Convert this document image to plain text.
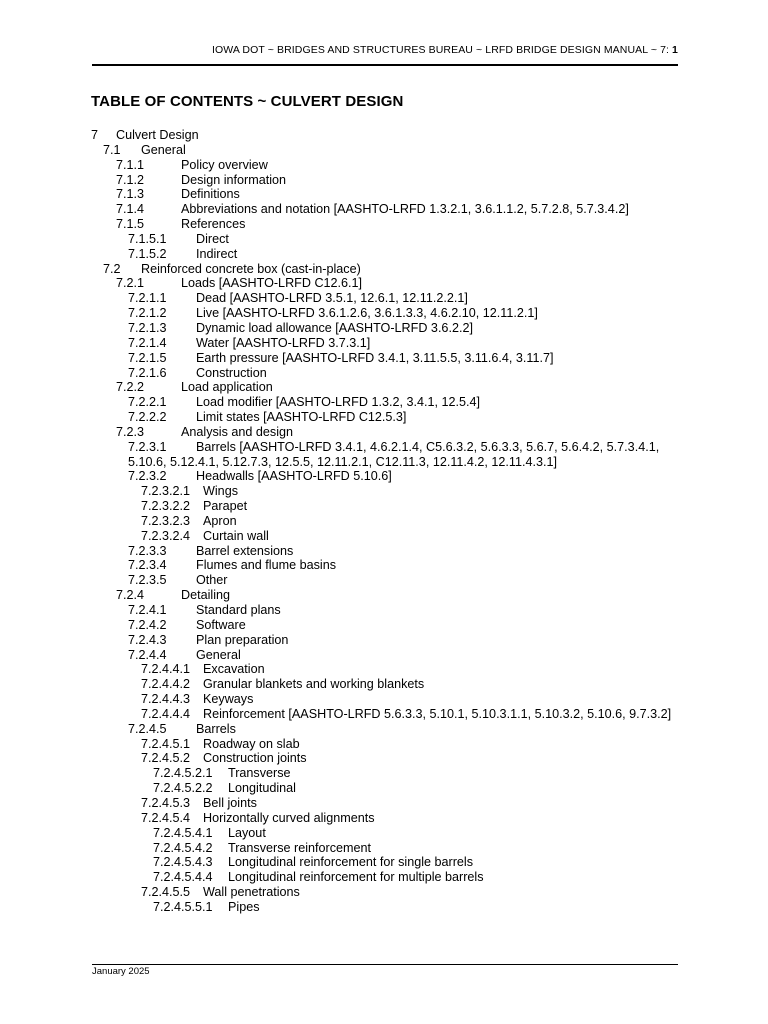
IOWA DOT ~ BRIDGES AND STRUCTURES BUREAU ~ LRFD BRIDGE DESIGN MANUAL ~ 7: 1
TABLE OF CONTENTS ~ CULVERT DESIGN
7	Culvert Design
7.1	General
7.1.1	Policy overview
7.1.2	Design information
7.1.3	Definitions
7.1.4	Abbreviations and notation [AASHTO-LRFD 1.3.2.1, 3.6.1.1.2, 5.7.2.8, 5.7.3.4.2]
7.1.5	References
7.1.5.1	Direct
7.1.5.2	Indirect
7.2	Reinforced concrete box (cast-in-place)
7.2.1	Loads [AASHTO-LRFD C12.6.1]
7.2.1.1	Dead [AASHTO-LRFD 3.5.1, 12.6.1, 12.11.2.2.1]
7.2.1.2	Live [AASHTO-LRFD 3.6.1.2.6, 3.6.1.3.3, 4.6.2.10, 12.11.2.1]
7.2.1.3	Dynamic load allowance [AASHTO-LRFD 3.6.2.2]
7.2.1.4	Water [AASHTO-LRFD 3.7.3.1]
7.2.1.5	Earth pressure [AASHTO-LRFD 3.4.1, 3.11.5.5, 3.11.6.4, 3.11.7]
7.2.1.6	Construction
7.2.2	Load application
7.2.2.1	Load modifier [AASHTO-LRFD 1.3.2, 3.4.1, 12.5.4]
7.2.2.2	Limit states [AASHTO-LRFD C12.5.3]
7.2.3	Analysis and design
7.2.3.1	Barrels [AASHTO-LRFD 3.4.1, 4.6.2.1.4, C5.6.3.2, 5.6.3.3, 5.6.7, 5.6.4.2, 5.7.3.4.1,
5.10.6, 5.12.4.1, 5.12.7.3, 12.5.5, 12.11.2.1, C12.11.3, 12.11.4.2, 12.11.4.3.1]
7.2.3.2	Headwalls [AASHTO-LRFD 5.10.6]
7.2.3.2.1	Wings
7.2.3.2.2	Parapet
7.2.3.2.3	Apron
7.2.3.2.4	Curtain wall
7.2.3.3	Barrel extensions
7.2.3.4	Flumes and flume basins
7.2.3.5	Other
7.2.4	Detailing
7.2.4.1	Standard plans
7.2.4.2	Software
7.2.4.3	Plan preparation
7.2.4.4	General
7.2.4.4.1	Excavation
7.2.4.4.2	Granular blankets and working blankets
7.2.4.4.3	Keyways
7.2.4.4.4	Reinforcement [AASHTO-LRFD 5.6.3.3, 5.10.1, 5.10.3.1.1, 5.10.3.2, 5.10.6, 9.7.3.2]
7.2.4.5	Barrels
7.2.4.5.1	Roadway on slab
7.2.4.5.2	Construction joints
7.2.4.5.2.1	Transverse
7.2.4.5.2.2	Longitudinal
7.2.4.5.3	Bell joints
7.2.4.5.4	Horizontally curved alignments
7.2.4.5.4.1	Layout
7.2.4.5.4.2	Transverse reinforcement
7.2.4.5.4.3	Longitudinal reinforcement for single barrels
7.2.4.5.4.4	Longitudinal reinforcement for multiple barrels
7.2.4.5.5	Wall penetrations
7.2.4.5.5.1	Pipes
January 2025
